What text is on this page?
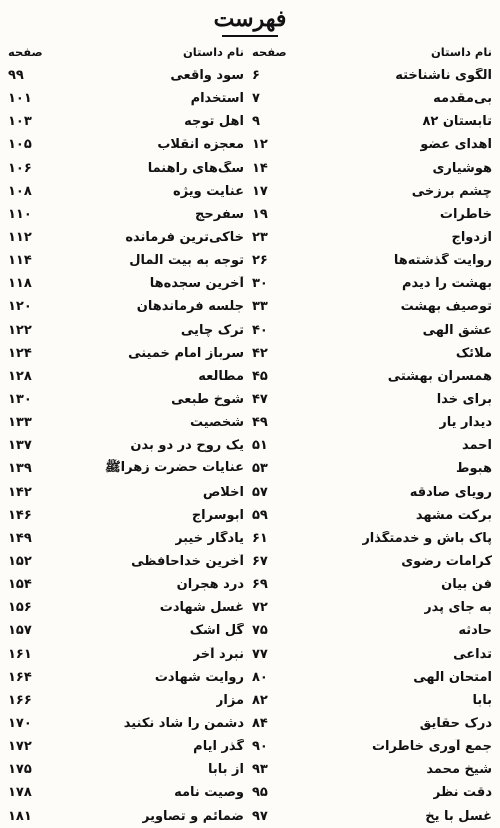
فهرست
نام داستان
صفحه
الگوی ناشناخته
۶
بی‌مقدمه
۷
تابستان ۸۲
۹
اهدای عضو
۱۲
هوشیاری
۱۴
چشم برزخی
۱۷
خاطرات
۱۹
ازدواج
۲۳
روایت گذشته‌ها
۲۶
بهشت را دیدم
۳۰
توصیف بهشت
۳۳
عشق الهی
۴۰
ملائک
۴۲
همسران بهشتی
۴۵
برای خدا
۴۷
دیدار یار
۴۹
احمد
۵۱
هبوط
۵۳
رویای صادقه
۵۷
برکت مشهد
۵۹
پاک باش و خدمتگذار
۶۱
کرامات رضوی
۶۷
فن بیان
۶۹
به جای پدر
۷۲
حادثه
۷۵
تداعی
۷۷
امتحان الهی
۸۰
بابا
۸۲
درک حقایق
۸۴
جمع آوری خاطرات
۹۰
شیخ محمد
۹۳
دقت نظر
۹۵
غسل با یخ
۹۷
نام داستان
صفحه
سود واقعی
۹۹
استخدام
۱۰۱
اهل توجه
۱۰۳
معجزه انقلاب
۱۰۵
سگ‌های راهنما
۱۰۶
عنایت ویژه
۱۰۸
سفرحج
۱۱۰
خاکی‌ترین فرمانده
۱۱۲
توجه به بیت المال
۱۱۴
آخرین سجده‌ها
۱۱۸
جلسه فرماندهان
۱۲۰
ترک چایی
۱۲۲
سرباز امام خمینی
۱۲۴
مطالعه
۱۲۸
شوخ طبعی
۱۳۰
شخصیت
۱۳۳
یک روح در دو بدن
۱۳۷
عنایات حضرت زهراﷺ
۱۳۹
اخلاص
۱۴۲
ابوسراج
۱۴۶
یادگار خیبر
۱۴۹
آخرین خداحافظی
۱۵۲
درد هجران
۱۵۴
غسل شهادت
۱۵۶
گل اشک
۱۵۷
نبرد آخر
۱۶۱
روایت شهادت
۱۶۴
مزار
۱۶۶
دشمن را شاد نکنید
۱۷۰
گذر ایام
۱۷۲
از بابا
۱۷۵
وصیت نامه
۱۷۸
ضمائم و تصاویر
۱۸۱
